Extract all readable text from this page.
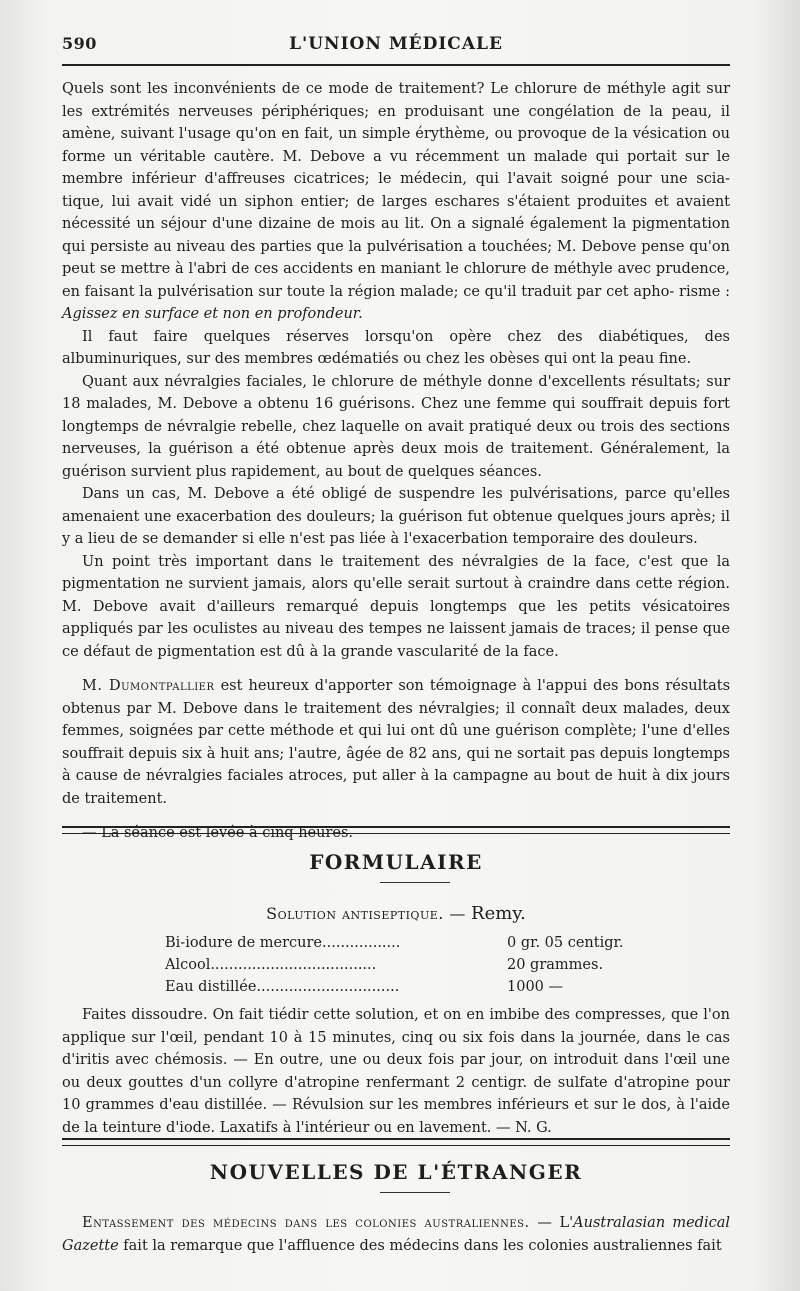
590	L'UNION MÉDICALE

Quels sont les inconvénients de ce mode de traitement? Le chlorure de méthyle agit sur les extrémités nerveuses périphériques; en produisant une congélation de la peau, il amène, suivant l'usage qu'on en fait, un simple érythème, ou provoque de la vésication ou forme un véritable cautère. M. Debove a vu récemment un malade qui portait sur le membre inférieur d'affreuses cicatrices; le médecin, qui l'avait soigné pour une scia- tique, lui avait vidé un siphon entier; de larges eschares s'étaient produites et avaient nécessité un séjour d'une dizaine de mois au lit. On a signalé également la pigmentation qui persiste au niveau des parties que la pulvérisation a touchées; M. Debove pense qu'on peut se mettre à l'abri de ces accidents en maniant le chlorure de méthyle avec prudence, en faisant la pulvérisation sur toute la région malade; ce qu'il traduit par cet apho- risme : Agissez en surface et non en profondeur.

Il faut faire quelques réserves lorsqu'on opère chez des diabétiques, des albuminuriques, sur des membres œdématiés ou chez les obèses qui ont la peau fine.

Quant aux névralgies faciales, le chlorure de méthyle donne d'excellents résultats; sur 18 malades, M. Debove a obtenu 16 guérisons. Chez une femme qui souffrait depuis fort longtemps de névralgie rebelle, chez laquelle on avait pratiqué deux ou trois des sections nerveuses, la guérison a été obtenue après deux mois de traitement. Généralement, la guérison survient plus rapidement, au bout de quelques séances.

Dans un cas, M. Debove a été obligé de suspendre les pulvérisations, parce qu'elles amenaient une exacerbation des douleurs; la guérison fut obtenue quelques jours après; il y a lieu de se demander si elle n'est pas liée à l'exacerbation temporaire des douleurs.

Un point très important dans le traitement des névralgies de la face, c'est que la pigmentation ne survient jamais, alors qu'elle serait surtout à craindre dans cette région. M. Debove avait d'ailleurs remarqué depuis longtemps que les petits vésicatoires appliqués par les oculistes au niveau des tempes ne laissent jamais de traces; il pense que ce défaut de pigmentation est dû à la grande vascularité de la face.

M. Dumontpallier est heureux d'apporter son témoignage à l'appui des bons résultats obtenus par M. Debove dans le traitement des névralgies; il connaît deux malades, deux femmes, soignées par cette méthode et qui lui ont dû une guérison complète; l'une d'elles souffrait depuis six à huit ans; l'autre, âgée de 82 ans, qui ne sortait pas depuis longtemps à cause de névralgies faciales atroces, put aller à la campagne au bout de huit à dix jours de traitement.

— La séance est levée à cinq heures.

FORMULAIRE
Solution antiseptique. — Remy.
Bi-iodure de mercure.................	0 gr. 05 centigr.
Alcool....................................	20 grammes.
Eau distillée...............................	1000 —

Faites dissoudre. On fait tiédir cette solution, et on en imbibe des compresses, que l'on applique sur l'œil, pendant 10 à 15 minutes, cinq ou six fois dans la journée, dans le cas d'iritis avec chémosis. — En outre, une ou deux fois par jour, on introduit dans l'œil une ou deux gouttes d'un collyre d'atropine renfermant 2 centigr. de sulfate d'atropine pour 10 grammes d'eau distillée. — Révulsion sur les membres inférieurs et sur le dos, à l'aide de la teinture d'iode. Laxatifs à l'intérieur ou en lavement. — N. G.

NOUVELLES DE L'ÉTRANGER

Entassement des médecins dans les colonies australiennes. — L'Australasian medical Gazette fait la remarque que l'affluence des médecins dans les colonies australiennes fait
